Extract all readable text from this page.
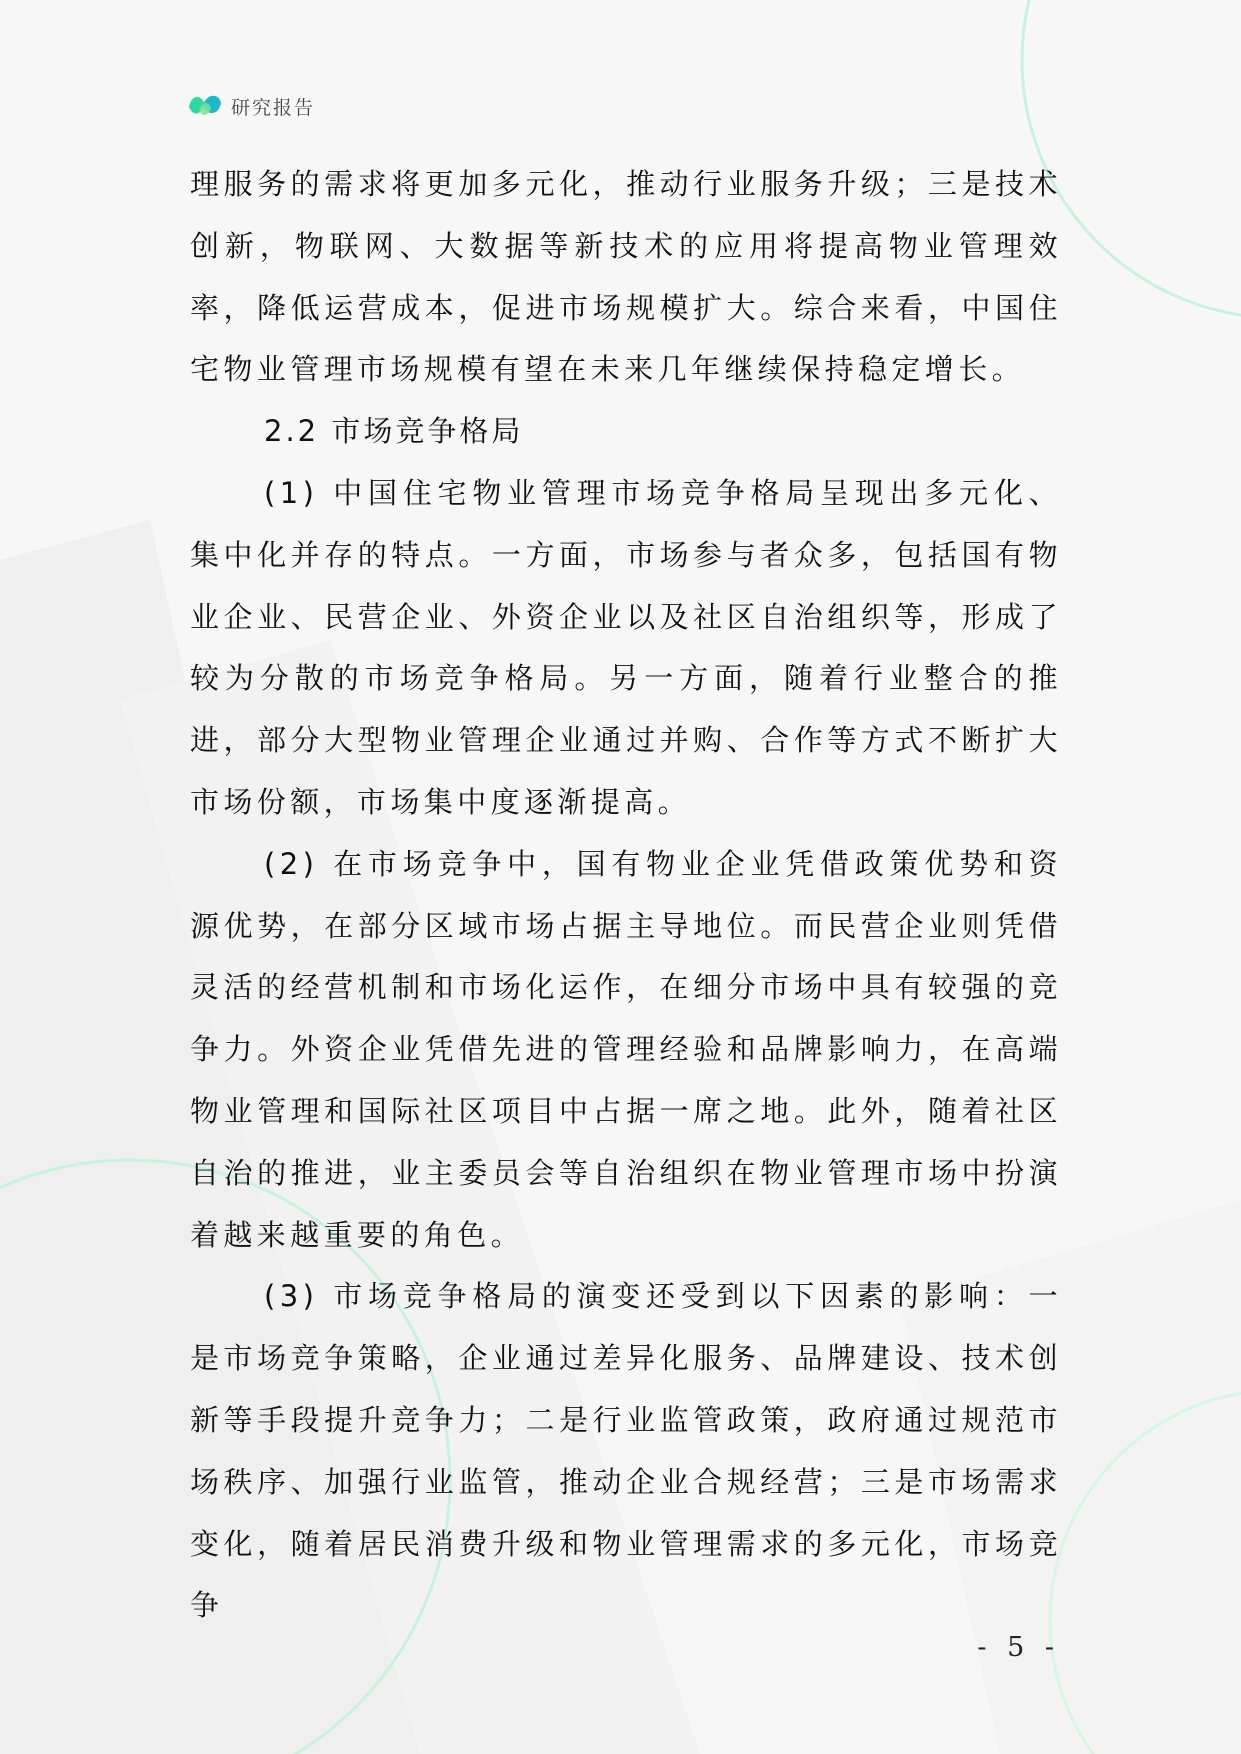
研究报告

理服务的需求将更加多元化，推动行业服务升级；三是技术创新，物联网、大数据等新技术的应用将提高物业管理效率，降低运营成本，促进市场规模扩大。综合来看，中国住宅物业管理市场规模有望在未来几年继续保持稳定增长。

2.2 市场竞争格局

(1) 中国住宅物业管理市场竞争格局呈现出多元化、集中化并存的特点。一方面，市场参与者众多，包括国有物业企业、民营企业、外资企业以及社区自治组织等，形成了较为分散的市场竞争格局。另一方面，随着行业整合的推进，部分大型物业管理企业通过并购、合作等方式不断扩大市场份额，市场集中度逐渐提高。

(2) 在市场竞争中，国有物业企业凭借政策优势和资源优势，在部分区域市场占据主导地位。而民营企业则凭借灵活的经营机制和市场化运作，在细分市场中具有较强的竞争力。外资企业凭借先进的管理经验和品牌影响力，在高端物业管理和国际社区项目中占据一席之地。此外，随着社区自治的推进，业主委员会等自治组织在物业管理市场中扮演着越来越重要的角色。

(3) 市场竞争格局的演变还受到以下因素的影响：一是市场竞争策略，企业通过差异化服务、品牌建设、技术创新等手段提升竞争力；二是行业监管政策，政府通过规范市场秩序、加强行业监管，推动企业合规经营；三是市场需求变化，随着居民消费升级和物业管理需求的多元化，市场竞争

- 5 -
